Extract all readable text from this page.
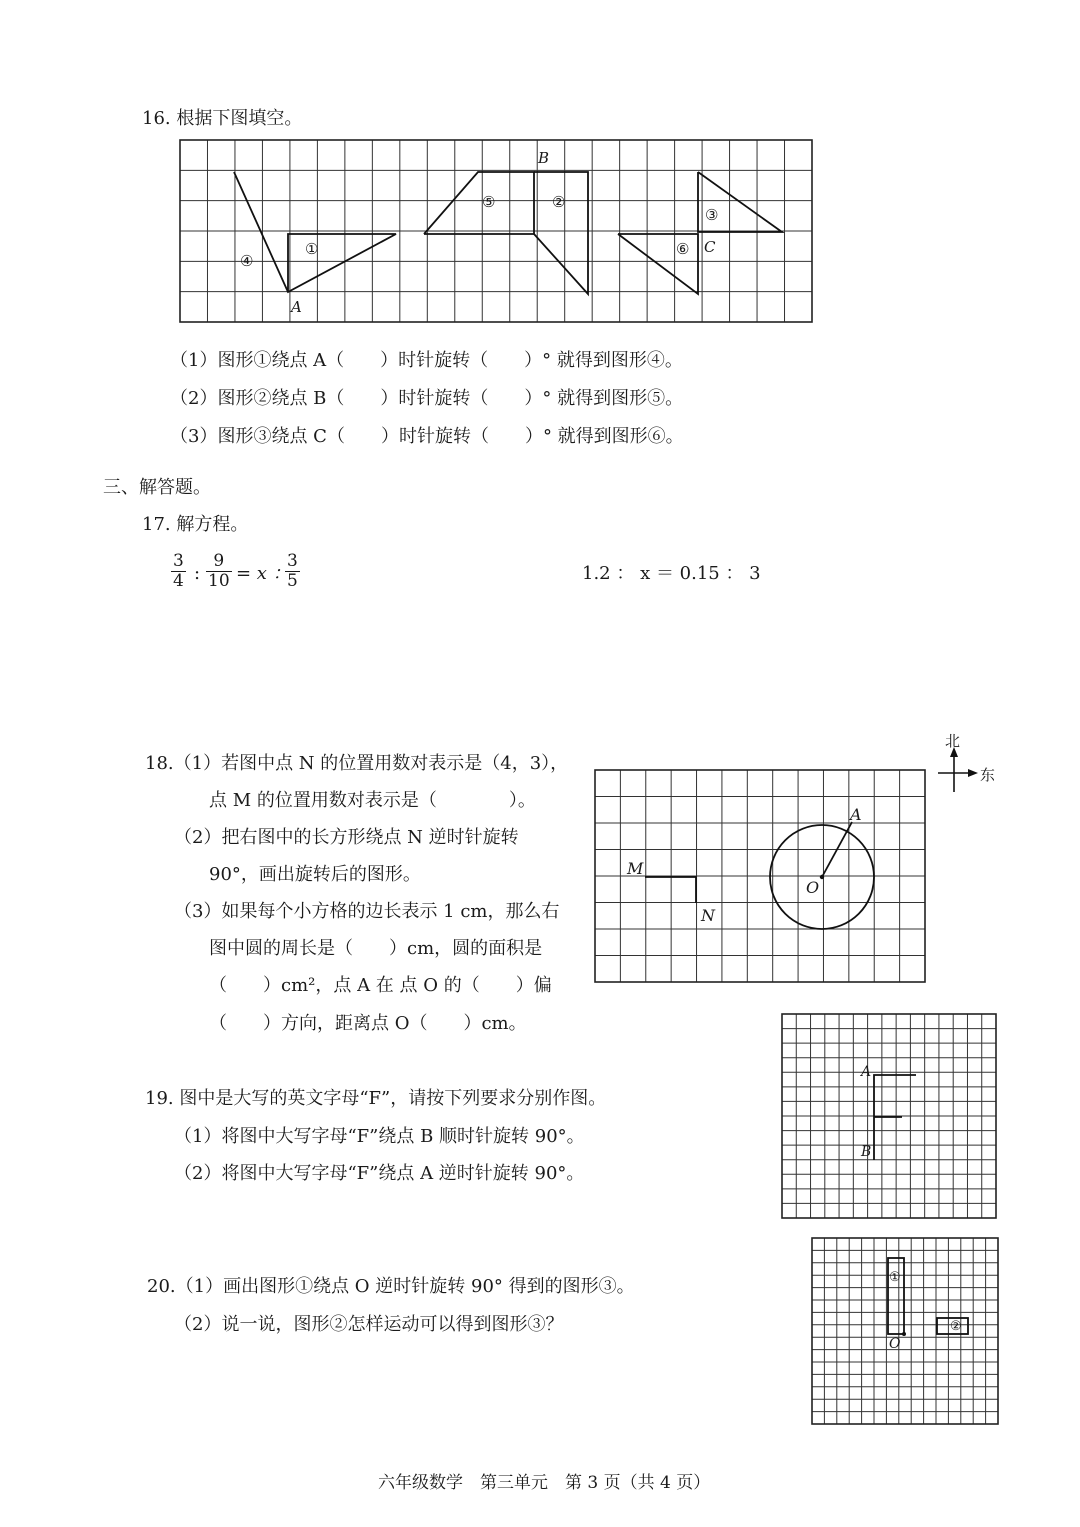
16. 根据下图填空。
A
B
C
①
②
③
④
⑤
⑥
（1）图形①绕点 A（　　）时针旋转（　　）° 就得到图形④。
（2）图形②绕点 B（　　）时针旋转（　　）° 就得到图形⑤。
（3）图形③绕点 C（　　）时针旋转（　　）° 就得到图形⑥。
三、解答题。
17. 解方程。
$\frac{3}{4}$ : $\frac{9}{10} = x$ ：
$\frac{3}{5}$	1.2 ： x ＝ 0.15 ： 3
18.（1）若图中点 N 的位置用数对表示是（4，3），
点 M 的位置用数对表示是（　　　　）。
（2）把右图中的长方形绕点 N 逆时针旋转
90°，画出旋转后的图形。
（3）如果每个小方格的边长表示 1 cm，那么右
图中圆的周长是（　　）cm，圆的面积是
（　　）cm²，点 A 在 点 O 的（　　）偏
（　　）方向，距离点 O（　　）cm。
北
东
M
N
O
A
19. 图中是大写的英文字母“F”，请按下列要求分别作图。
（1）将图中大写字母“F”绕点 B 顺时针旋转 90°。
（2）将图中大写字母“F”绕点 A 逆时针旋转 90°。
A
B
20.（1）画出图形①绕点 O 逆时针旋转 90° 得到的图形③。
（2）说一说，图形②怎样运动可以得到图形③？
①
②
O
六年级数学　第三单元　第 3 页（共 4 页）
